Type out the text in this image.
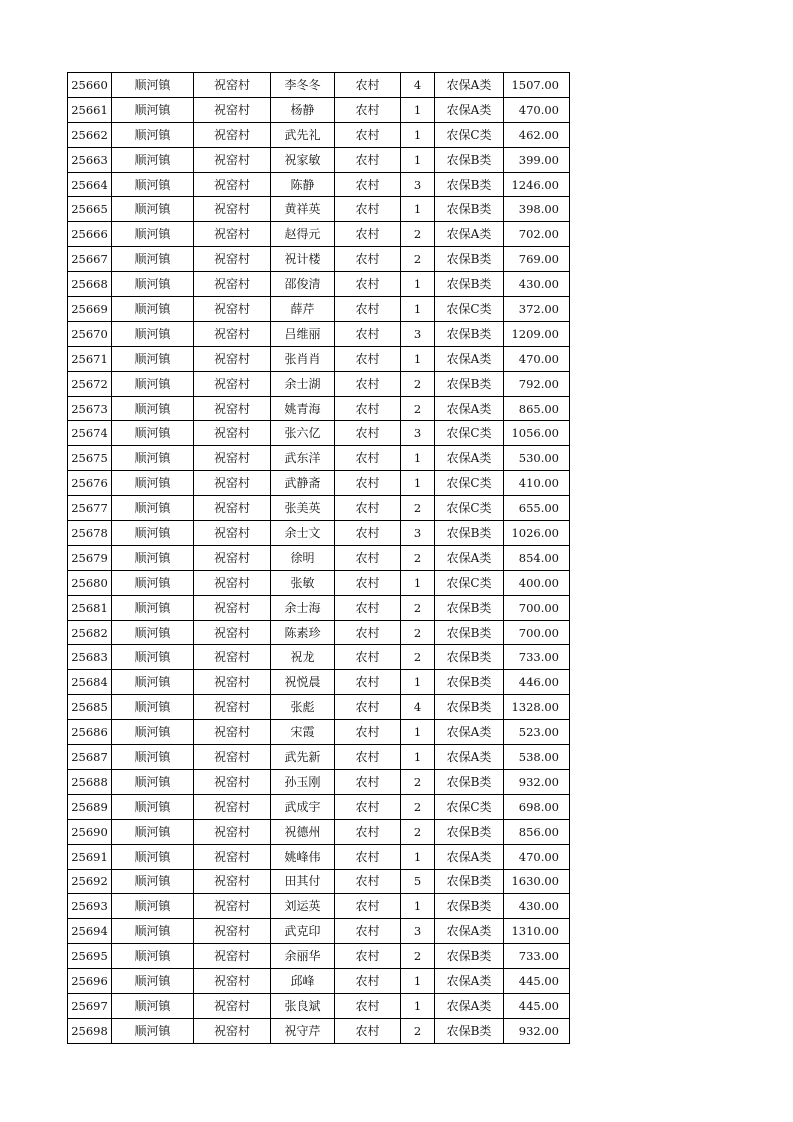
25660	顺河镇	祝窑村	李冬冬	农村	4	农保A类	1507.00
25661	顺河镇	祝窑村	杨静	农村	1	农保A类	470.00
25662	顺河镇	祝窑村	武先礼	农村	1	农保C类	462.00
25663	顺河镇	祝窑村	祝家敏	农村	1	农保B类	399.00
25664	顺河镇	祝窑村	陈静	农村	3	农保B类	1246.00
25665	顺河镇	祝窑村	黄祥英	农村	1	农保B类	398.00
25666	顺河镇	祝窑村	赵得元	农村	2	农保A类	702.00
25667	顺河镇	祝窑村	祝计楼	农村	2	农保B类	769.00
25668	顺河镇	祝窑村	邵俊清	农村	1	农保B类	430.00
25669	顺河镇	祝窑村	薛芹	农村	1	农保C类	372.00
25670	顺河镇	祝窑村	吕维丽	农村	3	农保B类	1209.00
25671	顺河镇	祝窑村	张肖肖	农村	1	农保A类	470.00
25672	顺河镇	祝窑村	余士湖	农村	2	农保B类	792.00
25673	顺河镇	祝窑村	姚青海	农村	2	农保A类	865.00
25674	顺河镇	祝窑村	张六亿	农村	3	农保C类	1056.00
25675	顺河镇	祝窑村	武东洋	农村	1	农保A类	530.00
25676	顺河镇	祝窑村	武静斋	农村	1	农保C类	410.00
25677	顺河镇	祝窑村	张美英	农村	2	农保C类	655.00
25678	顺河镇	祝窑村	余士文	农村	3	农保B类	1026.00
25679	顺河镇	祝窑村	徐明	农村	2	农保A类	854.00
25680	顺河镇	祝窑村	张敏	农村	1	农保C类	400.00
25681	顺河镇	祝窑村	余士海	农村	2	农保B类	700.00
25682	顺河镇	祝窑村	陈素珍	农村	2	农保B类	700.00
25683	顺河镇	祝窑村	祝龙	农村	2	农保B类	733.00
25684	顺河镇	祝窑村	祝悦晨	农村	1	农保B类	446.00
25685	顺河镇	祝窑村	张彪	农村	4	农保B类	1328.00
25686	顺河镇	祝窑村	宋霞	农村	1	农保A类	523.00
25687	顺河镇	祝窑村	武先新	农村	1	农保A类	538.00
25688	顺河镇	祝窑村	孙玉刚	农村	2	农保B类	932.00
25689	顺河镇	祝窑村	武成宇	农村	2	农保C类	698.00
25690	顺河镇	祝窑村	祝德州	农村	2	农保B类	856.00
25691	顺河镇	祝窑村	姚峰伟	农村	1	农保A类	470.00
25692	顺河镇	祝窑村	田其付	农村	5	农保B类	1630.00
25693	顺河镇	祝窑村	刘运英	农村	1	农保B类	430.00
25694	顺河镇	祝窑村	武克印	农村	3	农保A类	1310.00
25695	顺河镇	祝窑村	余丽华	农村	2	农保B类	733.00
25696	顺河镇	祝窑村	邱峰	农村	1	农保A类	445.00
25697	顺河镇	祝窑村	张良斌	农村	1	农保A类	445.00
25698	顺河镇	祝窑村	祝守芹	农村	2	农保B类	932.00
